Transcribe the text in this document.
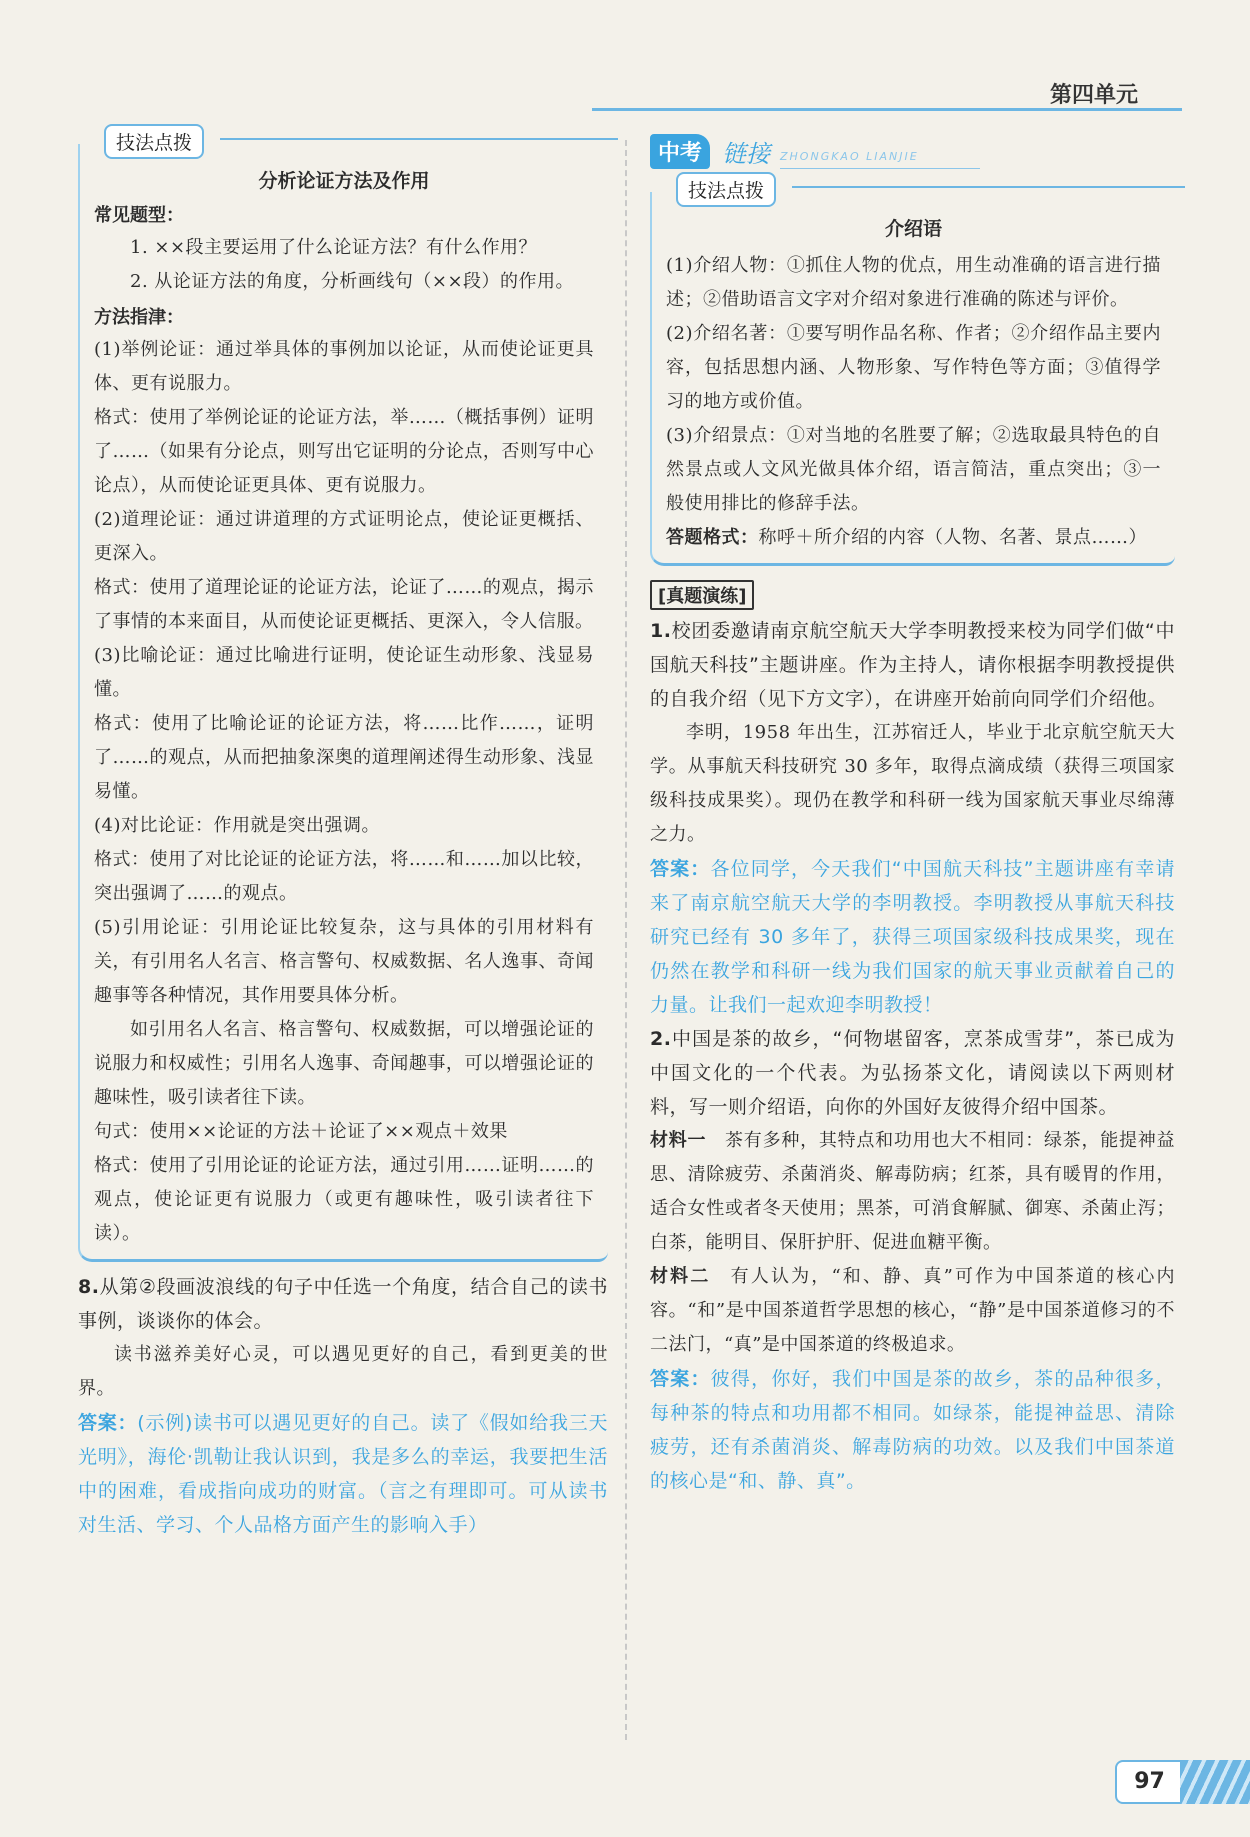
第四单元
技法点拨
分析论证方法及作用
常见题型：

1. ××段主要运用了什么论证方法？有什么作用？

2. 从论证方法的角度，分析画线句（××段）的作用。

方法指津：

(1)举例论证：通过举具体的事例加以论证，从而使论证更具体、更有说服力。

格式：使用了举例论证的论证方法，举……（概括事例）证明了……（如果有分论点，则写出它证明的分论点，否则写中心论点），从而使论证更具体、更有说服力。

(2)道理论证：通过讲道理的方式证明论点，使论证更概括、更深入。

格式：使用了道理论证的论证方法，论证了……的观点，揭示了事情的本来面目，从而使论证更概括、更深入，令人信服。

(3)比喻论证：通过比喻进行证明，使论证生动形象、浅显易懂。

格式：使用了比喻论证的论证方法，将……比作……，证明了……的观点，从而把抽象深奥的道理阐述得生动形象、浅显易懂。

(4)对比论证：作用就是突出强调。

格式：使用了对比论证的论证方法，将……和……加以比较，突出强调了……的观点。

(5)引用论证：引用论证比较复杂，这与具体的引用材料有关，有引用名人名言、格言警句、权威数据、名人逸事、奇闻趣事等各种情况，其作用要具体分析。

如引用名人名言、格言警句、权威数据，可以增强论证的说服力和权威性；引用名人逸事、奇闻趣事，可以增强论证的趣味性，吸引读者往下读。

句式：使用××论证的方法＋论证了××观点＋效果

格式：使用了引用论证的论证方法，通过引用……证明……的观点，使论证更有说服力（或更有趣味性，吸引读者往下读）。

8.从第②段画波浪线的句子中任选一个角度，结合自己的读书事例，谈谈你的体会。

读书滋养美好心灵，可以遇见更好的自己，看到更美的世界。

答案：(示例)读书可以遇见更好的自己。读了《假如给我三天光明》，海伦·凯勒让我认识到，我是多么的幸运，我要把生活中的困难，看成指向成功的财富。（言之有理即可。可从读书对生活、学习、个人品格方面产生的影响入手）

中考 链接 ZHONGKAO LIANJIE
技法点拨
介绍语

(1)介绍人物：①抓住人物的优点，用生动准确的语言进行描述；②借助语言文字对介绍对象进行准确的陈述与评价。

(2)介绍名著：①要写明作品名称、作者；②介绍作品主要内容，包括思想内涵、人物形象、写作特色等方面；③值得学习的地方或价值。

(3)介绍景点：①对当地的名胜要了解；②选取最具特色的自然景点或人文风光做具体介绍，语言简洁，重点突出；③一般使用排比的修辞手法。

答题格式：称呼＋所介绍的内容（人物、名著、景点……）

[真题演练]

1.校团委邀请南京航空航天大学李明教授来校为同学们做“中国航天科技”主题讲座。作为主持人，请你根据李明教授提供的自我介绍（见下方文字），在讲座开始前向同学们介绍他。

李明，1958 年出生，江苏宿迁人，毕业于北京航空航天大学。从事航天科技研究 30 多年，取得点滴成绩（获得三项国家级科技成果奖）。现仍在教学和科研一线为国家航天事业尽绵薄之力。

答案：各位同学，今天我们“中国航天科技”主题讲座有幸请来了南京航空航天大学的李明教授。李明教授从事航天科技研究已经有 30 多年了，获得三项国家级科技成果奖，现在仍然在教学和科研一线为我们国家的航天事业贡献着自己的力量。让我们一起欢迎李明教授！

2.中国是茶的故乡，“何物堪留客，烹茶成雪芽”，茶已成为中国文化的一个代表。为弘扬茶文化，请阅读以下两则材料，写一则介绍语，向你的外国好友彼得介绍中国茶。

材料一　 茶有多种，其特点和功用也大不相同：绿茶，能提神益思、清除疲劳、杀菌消炎、解毒防病；红茶，具有暖胃的作用，适合女性或者冬天使用；黑茶，可消食解腻、御寒、杀菌止泻；白茶，能明目、保肝护肝、促进血糖平衡。

材料二　 有人认为，“和、静、真”可作为中国茶道的核心内容。“和”是中国茶道哲学思想的核心，“静”是中国茶道修习的不二法门，“真”是中国茶道的终极追求。

答案：彼得，你好，我们中国是茶的故乡，茶的品种很多，每种茶的特点和功用都不相同。如绿茶，能提神益思、清除疲劳，还有杀菌消炎、解毒防病的功效。以及我们中国茶道的核心是“和、静、真”。

97
